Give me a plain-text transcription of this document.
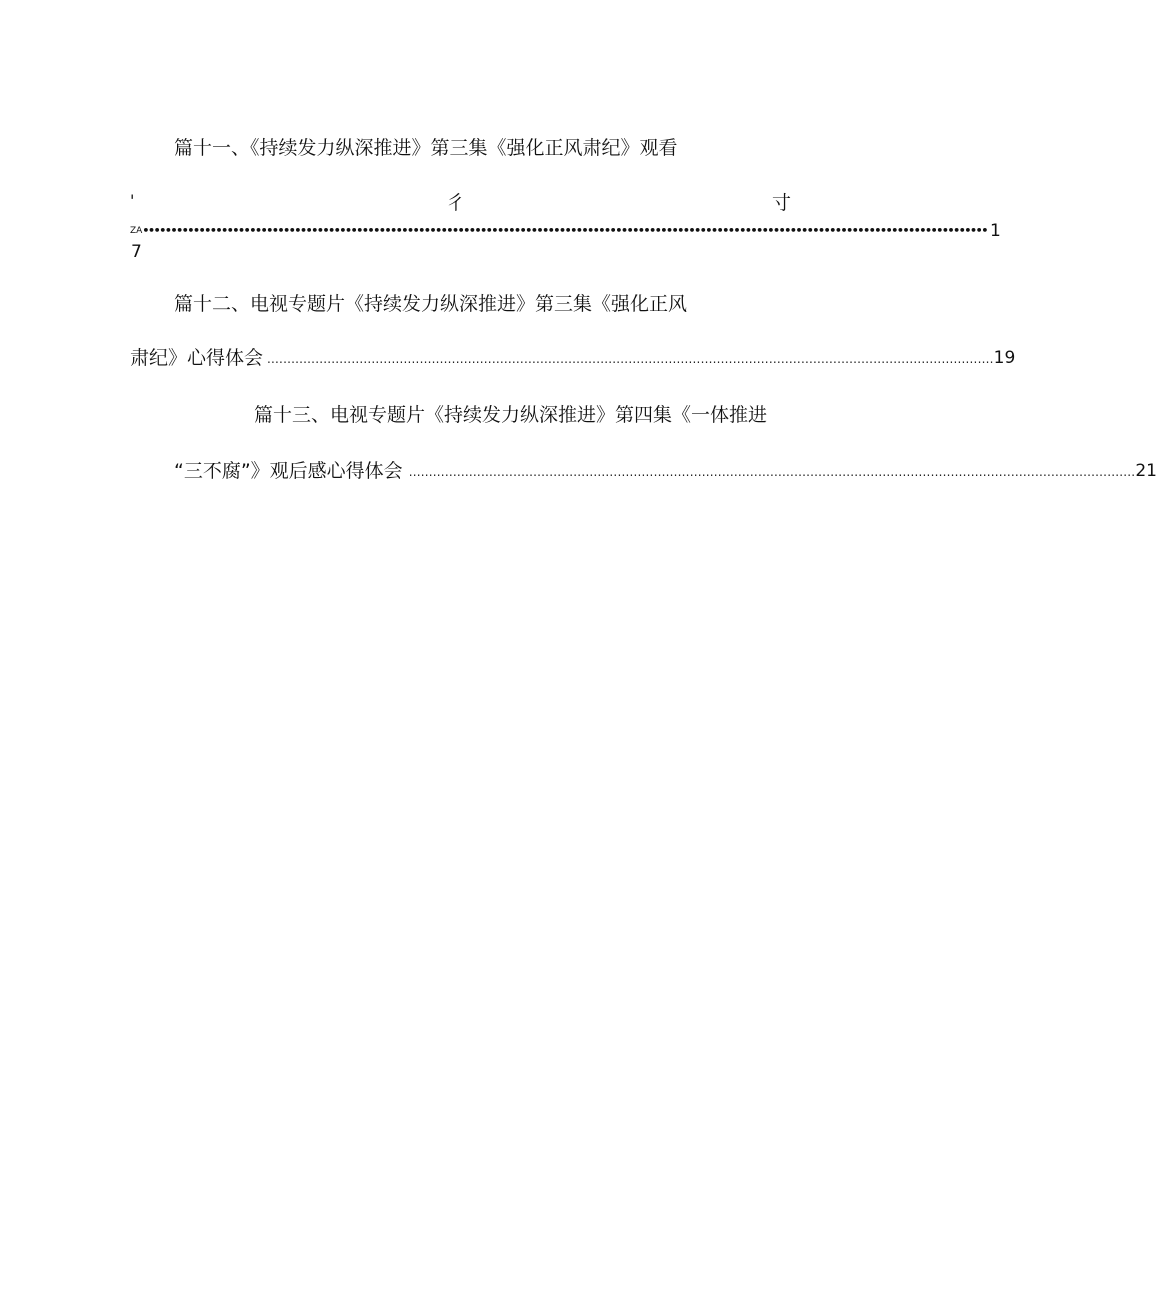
篇十一、《持续发力纵深推进》第三集《强化正风肃纪》观看
'	彳	寸
ZA •••••••••••••••••••••••••••••••••••••••••••••••••••••••••••••••••••••••••••••••••••••••••••••••••••••••••••••••••••••••••••••••••••••••••••••••••••••• 1
7
篇十二、电视专题片《持续发力纵深推进》第三集《强化正风
肃纪》心得体会 ..................................................................................................................................................................................... 19
篇十三、电视专题片《持续发力纵深推进》第四集《一体推进
“三不腐”》观后感心得体会 ..................................................................................................................................................................................... 21
